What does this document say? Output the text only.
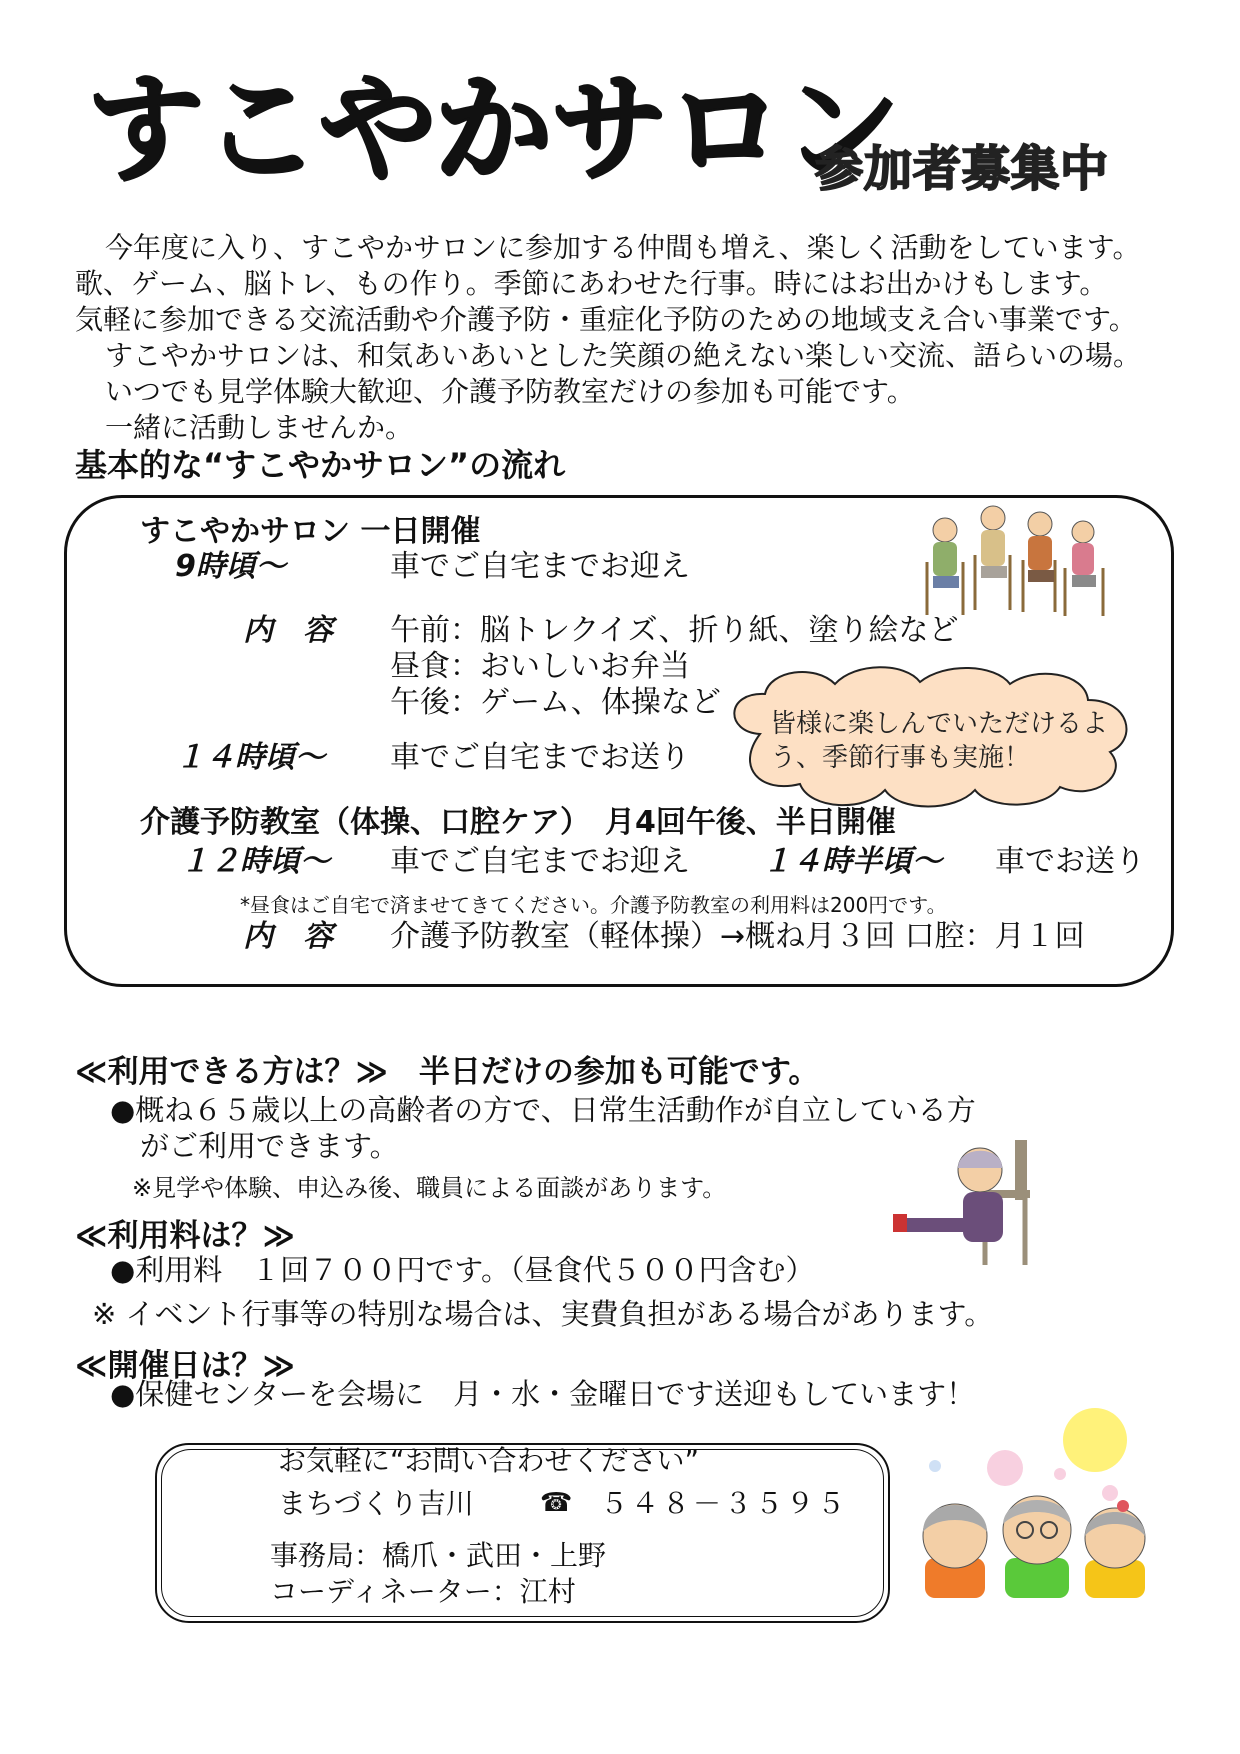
すこやかサロン
参加者募集中
今年度に入り、すこやかサロンに参加する仲間も増え、楽しく活動をしています。
歌、ゲーム、脳トレ、もの作り。季節にあわせた行事。時にはお出かけもします。
気軽に参加できる交流活動や介護予防・重症化予防のための地域支え合い事業です。
すこやかサロンは、和気あいあいとした笑顔の絶えない楽しい交流、語らいの場。
いつでも見学体験大歓迎、介護予防教室だけの参加も可能です。
一緒に活動しませんか。
基本的な“すこやかサロン”の流れ
すこやかサロン 一日開催
9時頃〜	車でご自宅までお迎え
内　容 午前：脳トレクイズ、折り紙、塗り絵など
昼食：おいしいお弁当
午後：ゲーム、体操など
１４時頃〜 車でご自宅までお送り
皆様に楽しんでいただけるよ
う、季節行事も実施！
介護予防教室（体操、口腔ケア）　月4回午後、半日開催
１２時頃〜 車でご自宅までお迎え １４時半頃〜 車でお送り
*昼食はご自宅で済ませてきてください。介護予防教室の利用料は200円です。
内　容 介護予防教室（軽体操）→概ね月３回 口腔：月１回
≪利用できる方は？≫　半日だけの参加も可能です。
●概ね６５歳以上の高齢者の方で、日常生活動作が自立している方
がご利用できます。
※見学や体験、申込み後、職員による面談があります。
≪利用料は？≫
●利用料　１回７００円です。（昼食代５００円含む）
※ イベント行事等の特別な場合は、実費負担がある場合があります。
≪開催日は？≫
●保健センターを会場に　月・水・金曜日です送迎もしています！
お気軽に“お問い合わせください”
まちづくり吉川	☎ ５４８－３５９５
事務局：橋爪・武田・上野
コーディネーター：江村
